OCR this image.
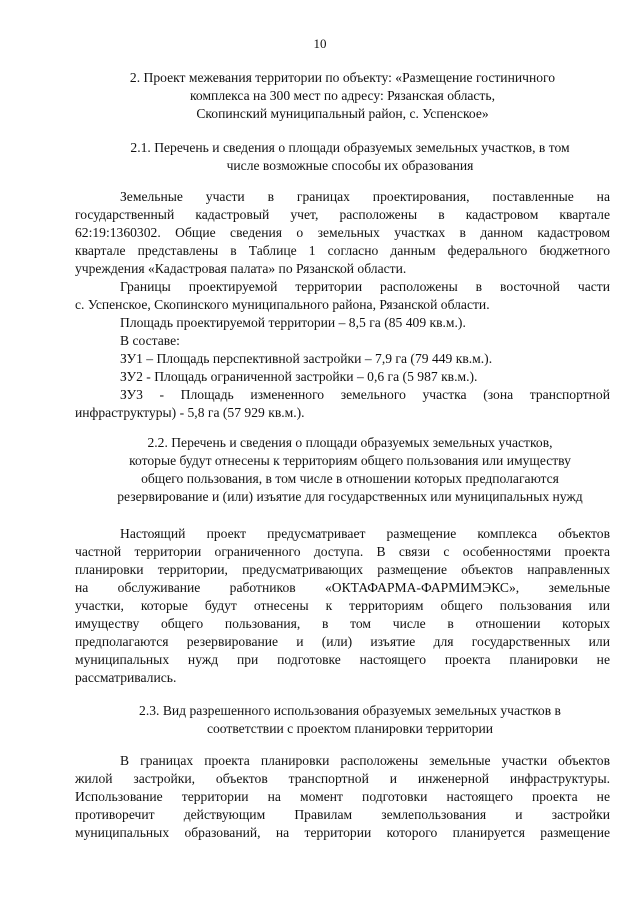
10
2. Проект межевания территории по объекту: «Размещение гостиничного
комплекса на 300 мест по адресу: Рязанская область,
Скопинский муниципальный район, с. Успенское»
2.1. Перечень и сведения о площади образуемых земельных участков, в том
числе возможные способы их образования

Земельные участи в границах проектирования, поставленные на
государственный кадастровый учет, расположены в кадастровом квартале
62:19:1360302. Общие сведения о земельных участках в данном кадастровом
квартале представлены в Таблице 1 согласно данным федерального бюджетного
учреждения «Кадастровая палата» по Рязанской области.

Границы проектируемой территории расположены в восточной части
с. Успенское, Скопинского муниципального района, Рязанской области.

Площадь проектируемой территории – 8,5 га (85 409 кв.м.).

В составе:

ЗУ1 – Площадь перспективной застройки – 7,9 га (79 449 кв.м.).

ЗУ2 - Площадь ограниченной застройки – 0,6 га (5 987 кв.м.).

ЗУ3 - Площадь измененного земельного участка (зона транспортной
инфраструктуры) - 5,8 га (57 929 кв.м.).

2.2. Перечень и сведения о площади образуемых земельных участков,
которые будут отнесены к территориям общего пользования или имуществу
общего пользования, в том числе в отношении которых предполагаются
резервирование и (или) изъятие для государственных или муниципальных нужд

Настоящий проект предусматривает размещение комплекса объектов
частной территории ограниченного доступа. В связи с особенностями проекта
планировки территории, предусматривающих размещение объектов направленных
на обслуживание работников «ОКТАФАРМА-ФАРМИМЭКС», земельные
участки, которые будут отнесены к территориям общего пользования или
имуществу общего пользования, в том числе в отношении которых
предполагаются резервирование и (или) изъятие для государственных или
муниципальных нужд при подготовке настоящего проекта планировки не
рассматривались.

2.3. Вид разрешенного использования образуемых земельных участков в
соответствии с проектом планировки территории

В границах проекта планировки расположены земельные участки объектов
жилой застройки, объектов транспортной и инженерной инфраструктуры.
Использование территории на момент подготовки настоящего проекта не
противоречит действующим Правилам землепользования и застройки
муниципальных образований, на территории которого планируется размещение
